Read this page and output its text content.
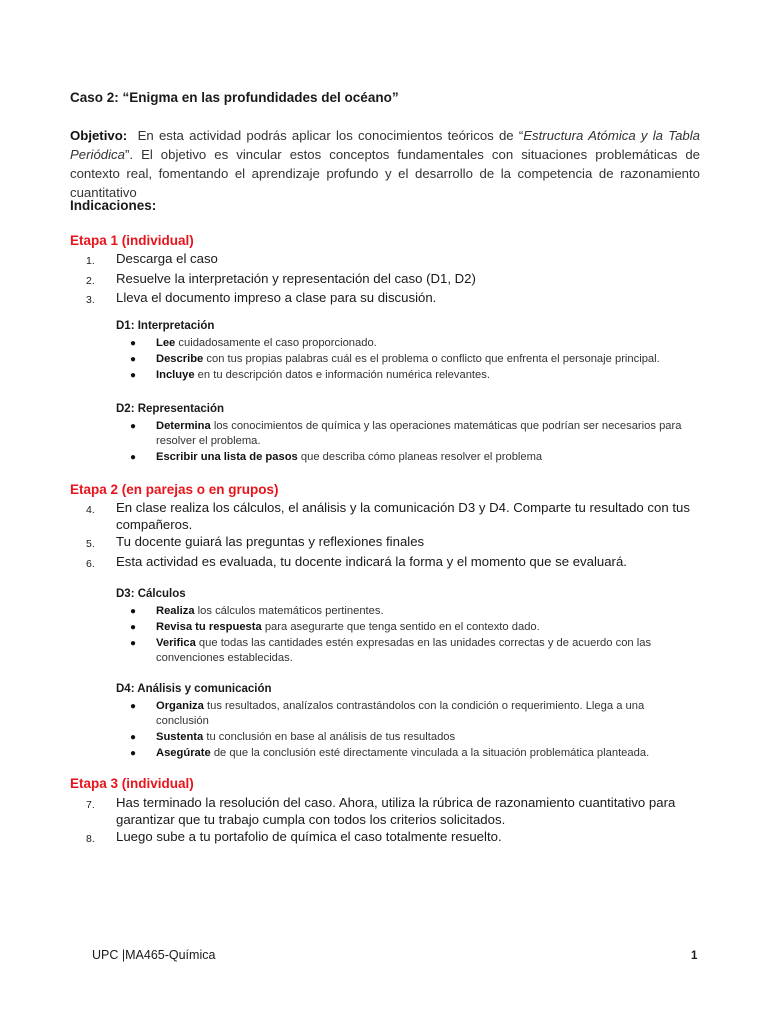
Caso 2: “Enigma en las profundidades del océano”
Objetivo: En esta actividad podrás aplicar los conocimientos teóricos de “Estructura Atómica y la Tabla Periódica”. El objetivo es vincular estos conceptos fundamentales con situaciones problemáticas de contexto real, fomentando el aprendizaje profundo y el desarrollo de la competencia de razonamiento cuantitativo
Indicaciones:
Etapa 1 (individual)
1.	Descarga el caso
2.	Resuelve la interpretación y representación del caso (D1, D2)
3.	Lleva el documento impreso a clase para su discusión.
D1: Interpretación
●	Lee cuidadosamente el caso proporcionado.
●	Describe con tus propias palabras cuál es el problema o conflicto que enfrenta el personaje principal.
●	Incluye en tu descripción datos e información numérica relevantes.
D2: Representación
●	Determina los conocimientos de química y las operaciones matemáticas que podrían ser necesarios para resolver el problema.
●	Escribir una lista de pasos que describa cómo planeas resolver el problema
Etapa 2 (en parejas o en grupos)
4.	En clase realiza los cálculos, el análisis y la comunicación D3 y D4. Comparte tu resultado con tus compañeros.
5.	Tu docente guiará las preguntas y reflexiones finales
6.	Esta actividad es evaluada, tu docente indicará la forma y el momento que se evaluará.
D3: Cálculos
●	Realiza los cálculos matemáticos pertinentes.
●	Revisa tu respuesta para asegurarte que tenga sentido en el contexto dado.
●	Verifica que todas las cantidades estén expresadas en las unidades correctas y de acuerdo con las convenciones establecidas.
D4: Análisis y comunicación
●	Organiza tus resultados, analízalos contrastándolos con la condición o requerimiento. Llega a una conclusión
●	Sustenta tu conclusión en base al análisis de tus resultados
●	Asegúrate de que la conclusión esté directamente vinculada a la situación problemática planteada.
Etapa 3 (individual)
7.	Has terminado la resolución del caso. Ahora, utiliza la rúbrica de razonamiento cuantitativo para garantizar que tu trabajo cumpla con todos los criterios solicitados.
8.	Luego sube a tu portafolio de química el caso totalmente resuelto.
UPC |MA465-Química	1
